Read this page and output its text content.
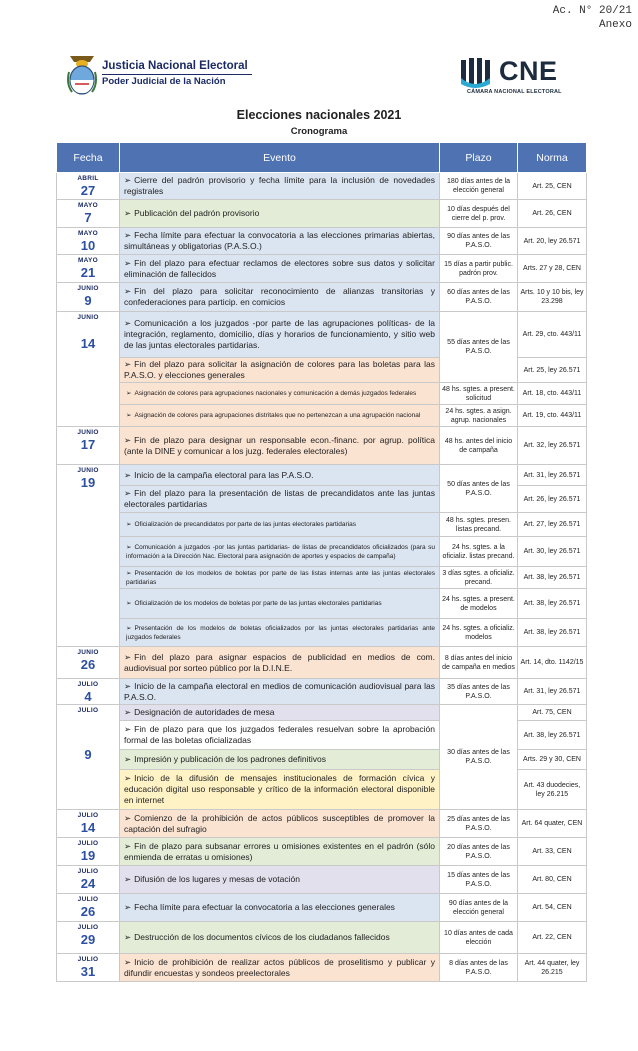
Ac. N° 20/21
Anexo
Justicia Nacional Electoral
Poder Judicial de la Nación	CNE
CÁMARA NACIONAL ELECTORAL
Elecciones nacionales 2021
Cronograma
Fecha	Evento	Plazo	Norma

ABRIL
27	➢ Cierre del padrón provisorio y fecha límite para la inclusión de novedades registrales	180 días antes de la elección general	Art. 25, CEN

MAYO
7	➢ Publicación del padrón provisorio	10 días después del cierre del p. prov.	Art. 26, CEN

MAYO
10	➢ Fecha límite para efectuar la convocatoria a las elecciones primarias abiertas, simultáneas y obligatorias (P.A.S.O.)	90 días antes de las P.A.S.O.	Art. 20, ley 26.571

MAYO
21	➢ Fin del plazo para efectuar reclamos de electores sobre sus datos y solicitar eliminación de fallecidos	15 días a partir public. padrón prov.	Arts. 27 y 28, CEN

JUNIO
9	➢ Fin del plazo para solicitar reconocimiento de alianzas transitorias y confederaciones para particip. en comicios	60 días antes de las P.A.S.O.	Arts. 10 y 10 bis, ley 23.298

JUNIO
14	➢ Comunicación a los juzgados -por parte de las agrupaciones políticas- de la integración, reglamento, domicilio, días y horarios de funcionamiento, y sitio web de las juntas electorales partidarias.	55 días antes de las P.A.S.O.	Art. 29, cto. 443/11
	➢ Fin del plazo para solicitar la asignación de colores para las boletas para las P.A.S.O. y elecciones generales		Art. 25, ley 26.571
	➢ Asignación de colores para agrupaciones nacionales y comunicación a demás juzgados federales	48 hs. sgtes. a present. solicitud	Art. 18, cto. 443/11
	➢ Asignación de colores para agrupaciones distritales que no pertenezcan a una agrupación nacional	24 hs. sgtes. a asign. agrup. nacionales	Art. 19, cto. 443/11

JUNIO
17	➢ Fin de plazo para designar un responsable econ.-financ. por agrup. política (ante la DINE y comunicar a los juzg. federales electorales)	48 hs. antes del inicio de campaña	Art. 32, ley 26.571

JUNIO
19	➢ Inicio de la campaña electoral para las P.A.S.O.	50 días antes de las P.A.S.O.	Art. 31, ley 26.571
	➢ Fin del plazo para la presentación de listas de precandidatos ante las juntas electorales partidarias		Art. 26, ley 26.571
	➢ Oficialización de precandidatos por parte de las juntas electorales partidarias	48 hs. sgtes. presen. listas precand.	Art. 27, ley 26.571
	➢ Comunicación a juzgados -por las juntas partidarias- de listas de precandidatos oficializados (para su información a la Dirección Nac. Electoral para asignación de aportes y espacios de campaña)	24 hs. sgtes. a la oficializ. listas precand.	Art. 30, ley 26.571
	➢ Presentación de los modelos de boletas por parte de las listas internas ante las juntas electorales partidarias	3 días sgtes. a oficializ. precand.	Art. 38, ley 26.571
	➢ Oficialización de los modelos de boletas por parte de las juntas electorales partidarias	24 hs. sgtes. a present. de modelos	Art. 38, ley 26.571
	➢ Presentación de los modelos de boletas oficializados por las juntas electorales partidarias ante juzgados federales	24 hs. sgtes. a oficializ. modelos	Art. 38, ley 26.571

JUNIO
26	➢ Fin del plazo para asignar espacios de publicidad en medios de com. audiovisual por sorteo público por la D.I.N.E.	8 días antes del inicio de campaña en medios	Art. 14, dto. 1142/15

JULIO
4	➢ Inicio de la campaña electoral en medios de comunicación audiovisual para las P.A.S.O.	35 días antes de las P.A.S.O.	Art. 31, ley 26.571

JULIO
9	➢ Designación de autoridades de mesa	30 días antes de las P.A.S.O.	Art. 75, CEN
	➢ Fin de plazo para que los juzgados federales resuelvan sobre la aprobación formal de las boletas oficializadas		Art. 38, ley 26.571
	➢ Impresión y publicación de los padrones definitivos		Arts. 29 y 30, CEN
	➢ Inicio de la difusión de mensajes institucionales de formación cívica y educación digital uso responsable y crítico de la información electoral disponible en internet		Art. 43 duodecies, ley 26.215

JULIO
14	➢ Comienzo de la prohibición de actos públicos susceptibles de promover la captación del sufragio	25 días antes de las P.A.S.O.	Art. 64 quater, CEN

JULIO
19	➢ Fin de plazo para subsanar errores u omisiones existentes en el padrón (sólo enmienda de erratas u omisiones)	20 días antes de las P.A.S.O.	Art. 33, CEN

JULIO
24	➢ Difusión de los lugares y mesas de votación	15 días antes de las P.A.S.O.	Art. 80, CEN

JULIO
26	➢ Fecha límite para efectuar la convocatoria a las elecciones generales	90 días antes de la elección general	Art. 54, CEN

JULIO
29	➢ Destrucción de los documentos cívicos de los ciudadanos fallecidos	10 días antes de cada elección	Art. 22, CEN

JULIO
31	➢ Inicio de prohibición de realizar actos públicos de proselitismo y publicar y difundir encuestas y sondeos preelectorales	8 días antes de las P.A.S.O.	Art. 44 quater, ley 26.215
